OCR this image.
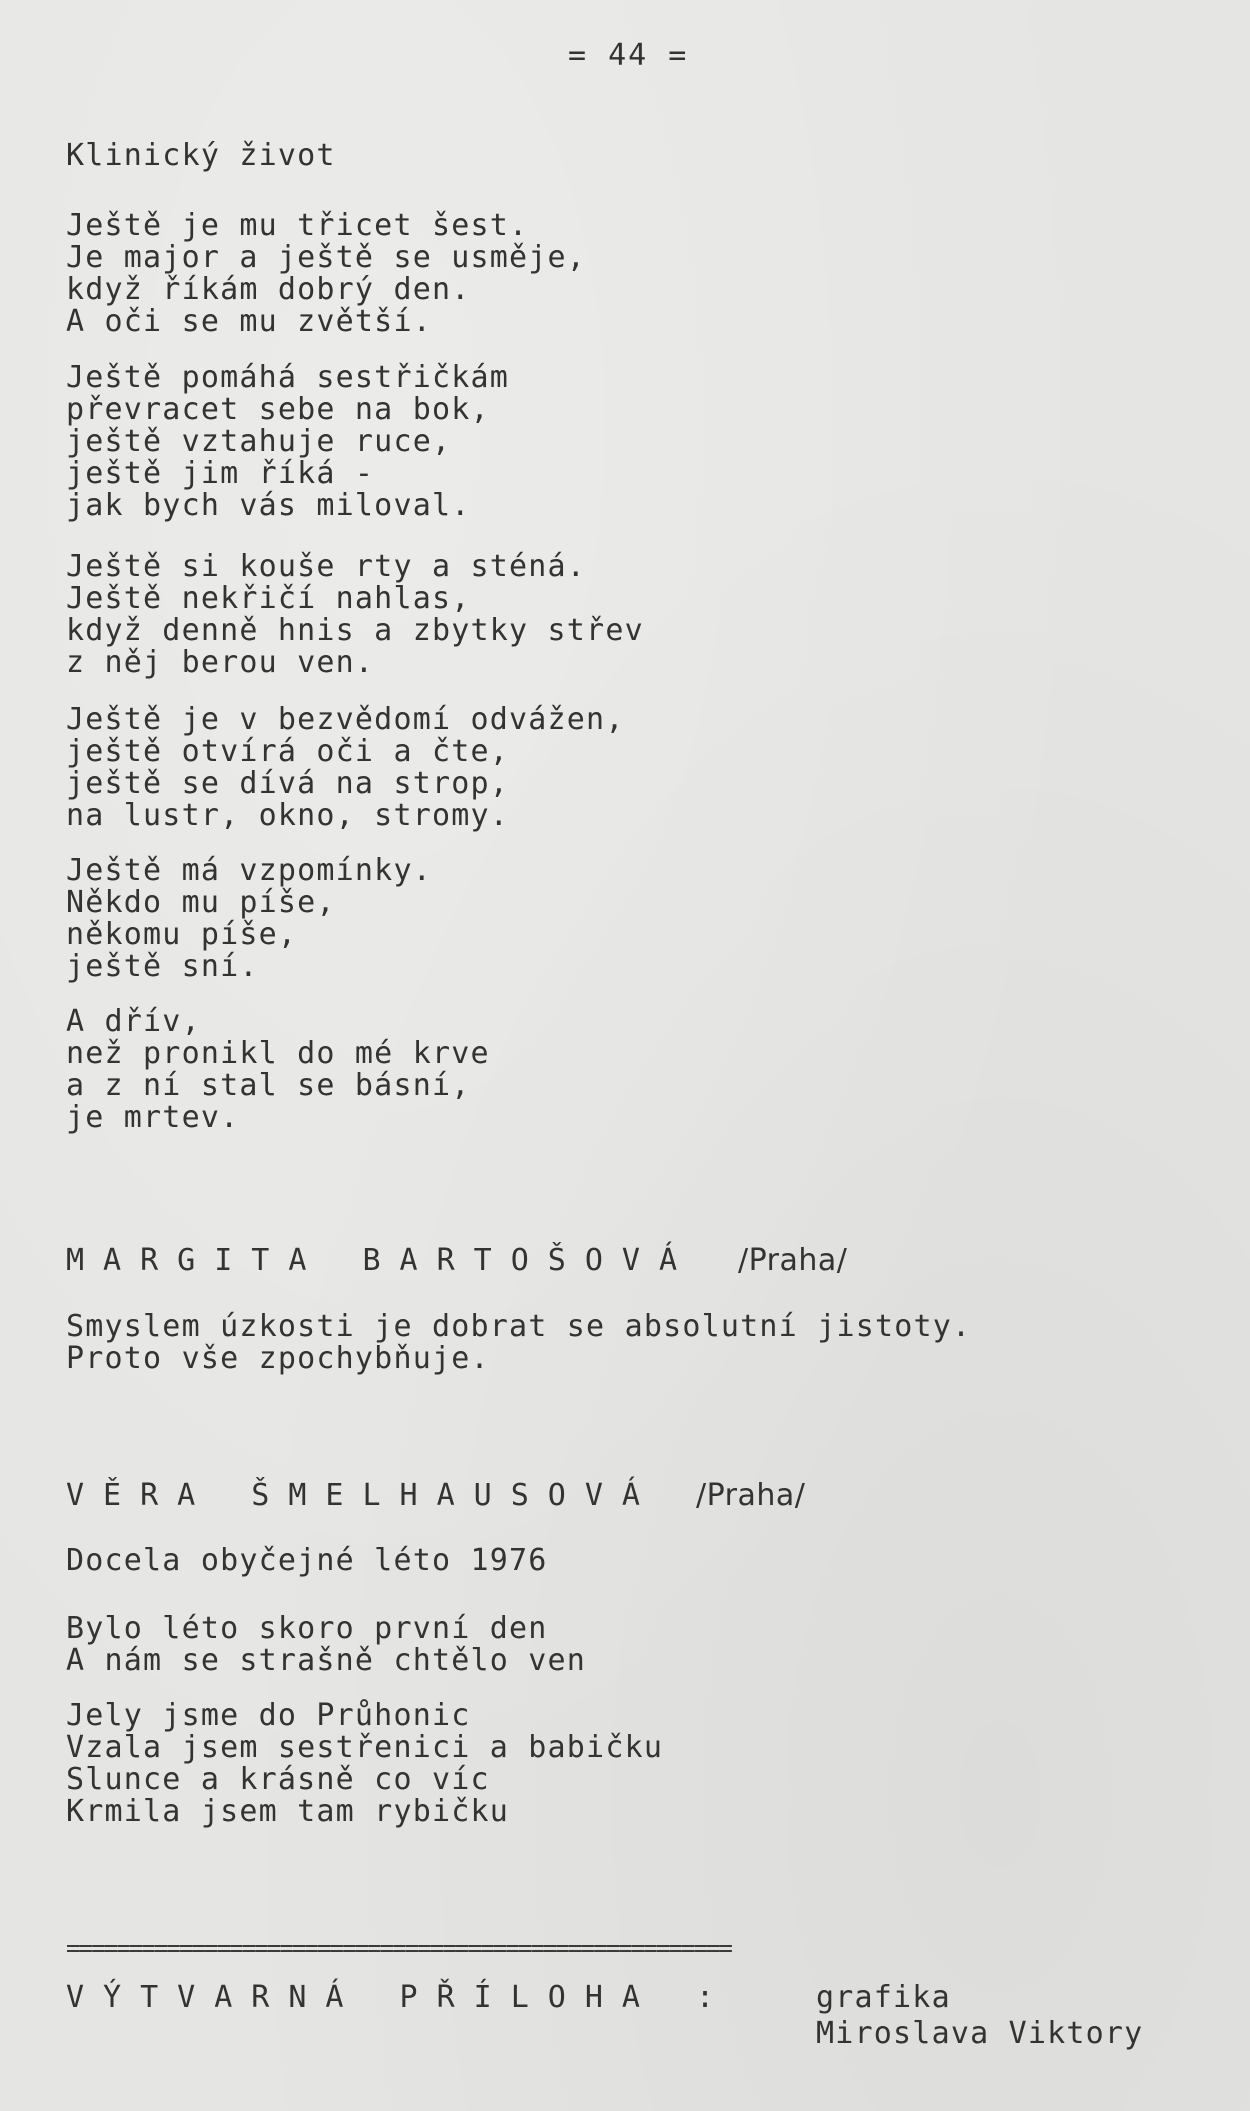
= 44 =
Klinický život
Ještě je mu třicet šest.
Je major a ještě se usměje,
když říkám dobrý den.
A oči se mu zvětší.
Ještě pomáhá sestřičkám
převracet sebe na bok,
ještě vztahuje ruce,
ještě jim říká -
jak bych vás miloval.
Ještě si kouše rty a sténá.
Ještě nekřičí nahlas,
když denně hnis a zbytky střev
z něj berou ven.
Ještě je v bezvědomí odvážen,
ještě otvírá oči a čte,
ještě se dívá na strop,
na lustr, okno, stromy.
Ještě má vzpomínky.
Někdo mu píše,
někomu píše,
ještě sní.
A dřív,
než pronikl do mé krve
a z ní stal se básní,
je mrtev.
MARGITA BARTOŠOVÁ /Praha/
Smyslem úzkosti je dobrat se absolutní jistoty.
Proto vše zpochybňuje.
VĚRA ŠMELHAUSOVÁ /Praha/
Docela obyčejné léto 1976
Bylo léto skoro první den
A nám se strašně chtělo ven
Jely jsme do Průhonic
Vzala jsem sestřenici a babičku
Slunce a krásně co víc
Krmila jsem tam rybičku
=====================================================
VÝTVARNÁ PŘÍLOHA :	grafika
Miroslava Viktory
